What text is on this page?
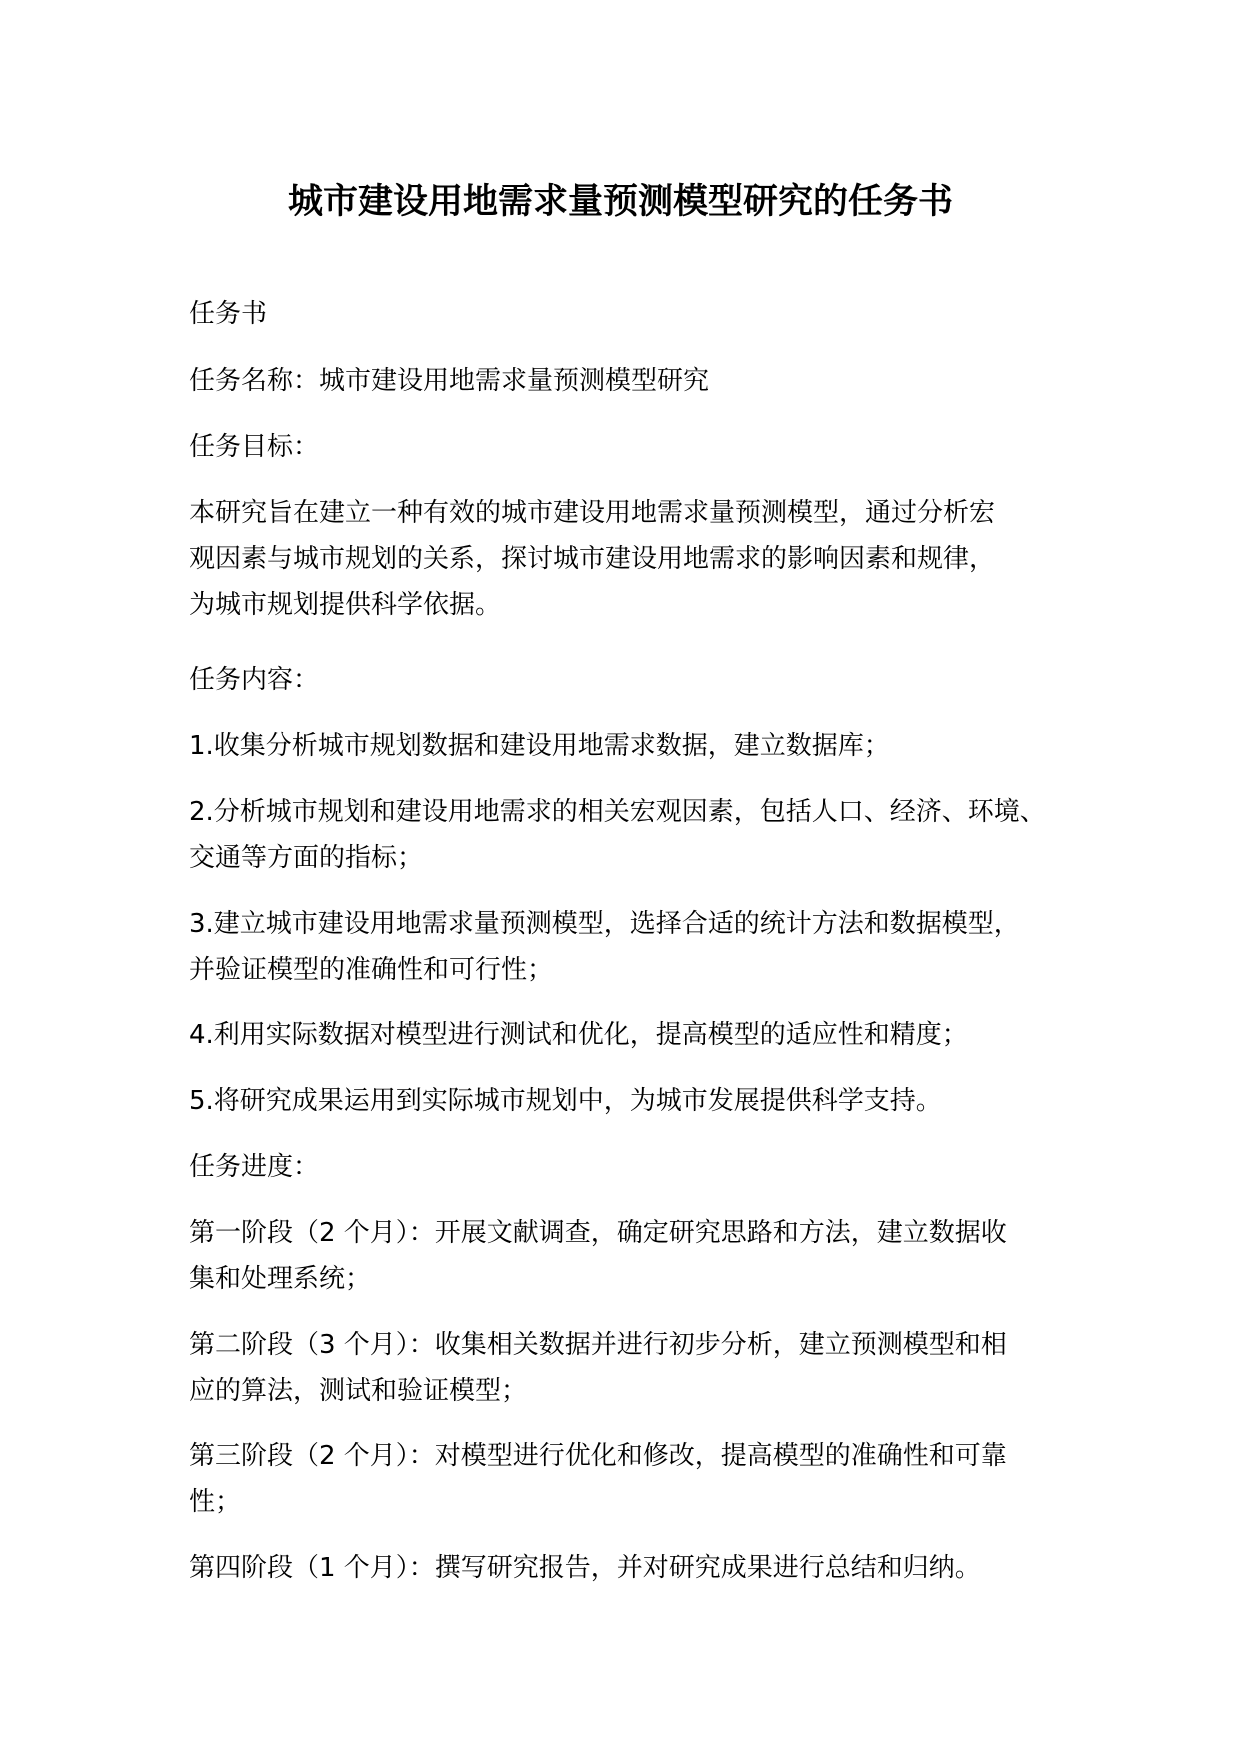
城市建设用地需求量预测模型研究的任务书

任务书

任务名称：城市建设用地需求量预测模型研究

任务目标：

本研究旨在建立一种有效的城市建设用地需求量预测模型，通过分析宏
观因素与城市规划的关系，探讨城市建设用地需求的影响因素和规律，
为城市规划提供科学依据。

任务内容：

1.收集分析城市规划数据和建设用地需求数据，建立数据库；

2.分析城市规划和建设用地需求的相关宏观因素，包括人口、经济、环境、
交通等方面的指标；

3.建立城市建设用地需求量预测模型，选择合适的统计方法和数据模型，
并验证模型的准确性和可行性；

4.利用实际数据对模型进行测试和优化，提高模型的适应性和精度；

5.将研究成果运用到实际城市规划中，为城市发展提供科学支持。

任务进度：

第一阶段（2 个月）：开展文献调查，确定研究思路和方法，建立数据收
集和处理系统；

第二阶段（3 个月）：收集相关数据并进行初步分析，建立预测模型和相
应的算法，测试和验证模型；

第三阶段（2 个月）：对模型进行优化和修改，提高模型的准确性和可靠
性；

第四阶段（1 个月）：撰写研究报告，并对研究成果进行总结和归纳。
